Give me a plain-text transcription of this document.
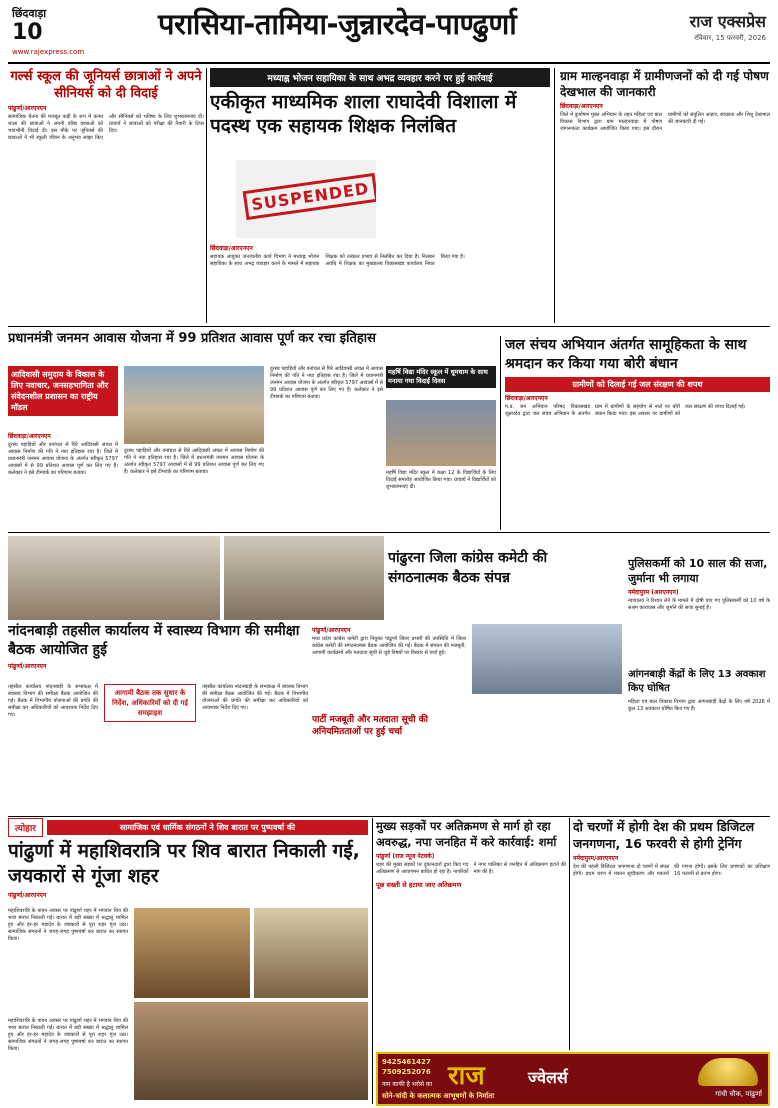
छिंदवाड़ा
10	परासिया-तामिया-जुन्नारदेव-पाण्ढुर्णा	राज एक्सप्रेस
रविवार, 15 फरवरी, 2026
www.rajexpress.com
गर्ल्स स्कूल की जूनियर्स छात्राओं ने अपने सीनियर्स को दी विदाई
पांढुर्णा/आरएनएन
सामाजिक चेतना की मजबूत कड़ी के रूप में कन्या शाला की छात्राओं ने अपनी वरिष्ठ छात्राओं को भावभीनी विदाई दी। इस मौके पर जूनियर्स की छात्राओं ने भी स्कूली जीवन के अनुभव साझा किए और सीनियर्स को भविष्य के लिए शुभकामनाएं दीं। प्राचार्य ने छात्राओं को परीक्षा की तैयारी के टिप्स दिए।
मध्याह्न भोजन सहायिका के साथ अभद्र व्यवहार करने पर हुई कार्रवाई
एकीकृत माध्यमिक शाला राघादेवी विशाला में पदस्थ एक सहायक शिक्षक निलंबित
SUSPENDED
छिंदवाड़ा/आरएनएन
सहायक आयुक्त जनजातीय कार्य विभाग ने मध्याह्न भोजन सहायिका के साथ अभद्र व्यवहार करने के मामले में सहायक शिक्षक को तत्काल प्रभाव से निलंबित कर दिया है। निलंबन अवधि में शिक्षक का मुख्यालय विकासखंड कार्यालय नियत किया गया है।
ग्राम माल्हनवाड़ा में ग्रामीणजनों को दी गई पोषण देखभाल की जानकारी
छिंदवाड़ा/आरएनएन
जिले में कुपोषण मुक्त अभियान के तहत महिला एवं बाल विकास विभाग द्वारा ग्राम माल्हनवाड़ा में पोषण जागरूकता कार्यक्रम आयोजित किया गया। इस दौरान ग्रामीणों को संतुलित आहार, स्वच्छता और शिशु देखभाल की जानकारी दी गई।
प्रधानमंत्री जनमन आवास योजना में 99 प्रतिशत आवास पूर्ण कर रचा इतिहास
आदिवासी समुदाय के विकास के लिए नवाचार, जनसहभागिता और संवेदनशील प्रशासन का राष्ट्रीय मॉडल
छिंदवाड़ा/आरएनएन
दुरस्थ पहाड़ियों और वनांचल से घिरे आदिवासी अंचल में आवास निर्माण की गति ने नया इतिहास रचा है। जिले में प्रधानमंत्री जनमन आवास योजना के अंतर्गत स्वीकृत 5797 आवासों में से 99 प्रतिशत आवास पूर्ण कर लिए गए हैं। कलेक्टर ने इसे टीमवर्क का परिणाम बताया।
दुरस्थ पहाड़ियों और वनांचल से घिरे आदिवासी अंचल में आवास निर्माण की गति ने नया इतिहास रचा है। जिले में प्रधानमंत्री जनमन आवास योजना के अंतर्गत स्वीकृत 5797 आवासों में से 99 प्रतिशत आवास पूर्ण कर लिए गए हैं। कलेक्टर ने इसे टीमवर्क का परिणाम बताया।
दुरस्थ पहाड़ियों और वनांचल से घिरे आदिवासी अंचल में आवास निर्माण की गति ने नया इतिहास रचा है। जिले में प्रधानमंत्री जनमन आवास योजना के अंतर्गत स्वीकृत 5797 आवासों में से 99 प्रतिशत आवास पूर्ण कर लिए गए हैं। कलेक्टर ने इसे टीमवर्क का परिणाम बताया।
महर्षि विद्या मंदिर स्कूल में धूमधाम के साथ मनाया गया विदाई दिवस
महर्षि विद्या मंदिर स्कूल में कक्षा 12 के विद्यार्थियों के लिए विदाई समारोह आयोजित किया गया। प्राचार्य ने विद्यार्थियों को शुभकामनाएं दीं।
जल संचय अभियान अंतर्गत सामूहिकता के साथ श्रमदान कर किया गया बोरी बंधान
ग्रामीणों को दिलाई गई जल संरक्षण की शपथ
छिंदवाड़ा/आरएनएन
म.प्र. जन अभियान परिषद विकासखंड जुन्नारदेव द्वारा जल संचय अभियान के अंतर्गत ग्राम में ग्रामीणों के सहयोग से नाले पर बोरी बंधान किया गया। इस अवसर पर ग्रामीणों को जल संरक्षण की शपथ दिलाई गई।
पांढुरना जिला कांग्रेस कमेटी की संगठनात्मक बैठक संपन्न
पुलिसकर्मी को 10 साल की सजा, जुर्माना भी लगाया
नर्मदापुरम (आरएनएन)
न्यायालय ने रिश्वत लेने के मामले में दोषी पाए गए पुलिसकर्मी को 10 वर्ष के सश्रम कारावास और जुर्माने की सजा सुनाई है।
नांदनबाड़ी तहसील कार्यालय में स्वास्थ्य विभाग की समीक्षा बैठक आयोजित हुई
पांढुर्णा/आरएनएन
तहसील कार्यालय नांदनबाड़ी के सभाकक्ष में स्वास्थ्य विभाग की समीक्षा बैठक आयोजित की गई। बैठक में विभागीय योजनाओं की प्रगति की समीक्षा कर अधिकारियों को आवश्यक निर्देश दिए गए।
आगामी बैठक तक सुधार के निर्देश, अधिकारियों को दी गई समझाइश
तहसील कार्यालय नांदनबाड़ी के सभाकक्ष में स्वास्थ्य विभाग की समीक्षा बैठक आयोजित की गई। बैठक में विभागीय योजनाओं की प्रगति की समीक्षा कर अधिकारियों को आवश्यक निर्देश दिए गए।
पांढुर्णा/आरएनएन
मध्य प्रदेश कांग्रेस कमेटी द्वारा नियुक्त पांढुर्णा जिला प्रभारी की उपस्थिति में जिला कांग्रेस कमेटी की संगठनात्मक बैठक आयोजित की गई। बैठक में संगठन की मजबूती, आगामी कार्यक्रमों और मतदाता सूची से जुड़े विषयों पर विस्तार से चर्चा हुई।
पार्टी मजबूती और मतदाता सूची की अनियमितताओं पर हुई चर्चा
आंगनबाड़ी केंद्रों के लिए 13 अवकाश किए घोषित
महिला एवं बाल विकास विभाग द्वारा आंगनबाड़ी केंद्रों के लिए वर्ष 2026 में कुल 13 अवकाश घोषित किए गए हैं।
त्योहार	सामाजिक एवं धार्मिक संगठनों ने शिव बारात पर पुष्पवर्षा की
पांढुर्णा में महाशिवरात्रि पर शिव बारात निकाली गई, जयकारों से गूंजा शहर
पांढुर्णा/आरएनएन
महाशिवरात्रि के पावन अवसर पर पांढुर्णा शहर में भगवान शिव की भव्य बारात निकाली गई। बारात में बड़ी संख्या में श्रद्धालु शामिल हुए और हर-हर महादेव के जयकारों से पूरा शहर गूंज उठा। सामाजिक संगठनों ने जगह-जगह पुष्पवर्षा कर बारात का स्वागत किया।
महाशिवरात्रि के पावन अवसर पर पांढुर्णा शहर में भगवान शिव की भव्य बारात निकाली गई। बारात में बड़ी संख्या में श्रद्धालु शामिल हुए और हर-हर महादेव के जयकारों से पूरा शहर गूंज उठा। सामाजिक संगठनों ने जगह-जगह पुष्पवर्षा कर बारात का स्वागत किया।
मुख्य सड़कों पर अतिक्रमण से मार्ग हो रहा अवरुद्ध, नपा जनहित में करे कार्रवाई: शर्मा
पांढुर्णा (राज न्यूज नेटवर्क)
शहर की मुख्य सड़कों पर दुकानदारों द्वारा किए गए अतिक्रमण से आवागमन बाधित हो रहा है। नागरिकों ने नगर पालिका से जनहित में अतिक्रमण हटाने की मांग की है।
पूछ सख्ती से हटाया जाए अतिक्रमण
दो चरणों में होगी देश की प्रथम डिजिटल जनगणना, 16 फरवरी से होगी ट्रेनिंग
नर्मदापुरम/आरएनएन
देश की पहली डिजिटल जनगणना दो चरणों में संपन्न होगी। प्रथम चरण में मकान सूचीकरण और मकानों की गणना होगी। इसके लिए प्रगणकों का प्रशिक्षण 16 फरवरी से प्रारंभ होगा।
9425461427
7509252076 राज	ज्वेलर्स
नाम काफी है भरोसे का
सोने-चांदी के कलात्मक आभूषणों के निर्माता	गांधी चौक, पांढुर्णा
